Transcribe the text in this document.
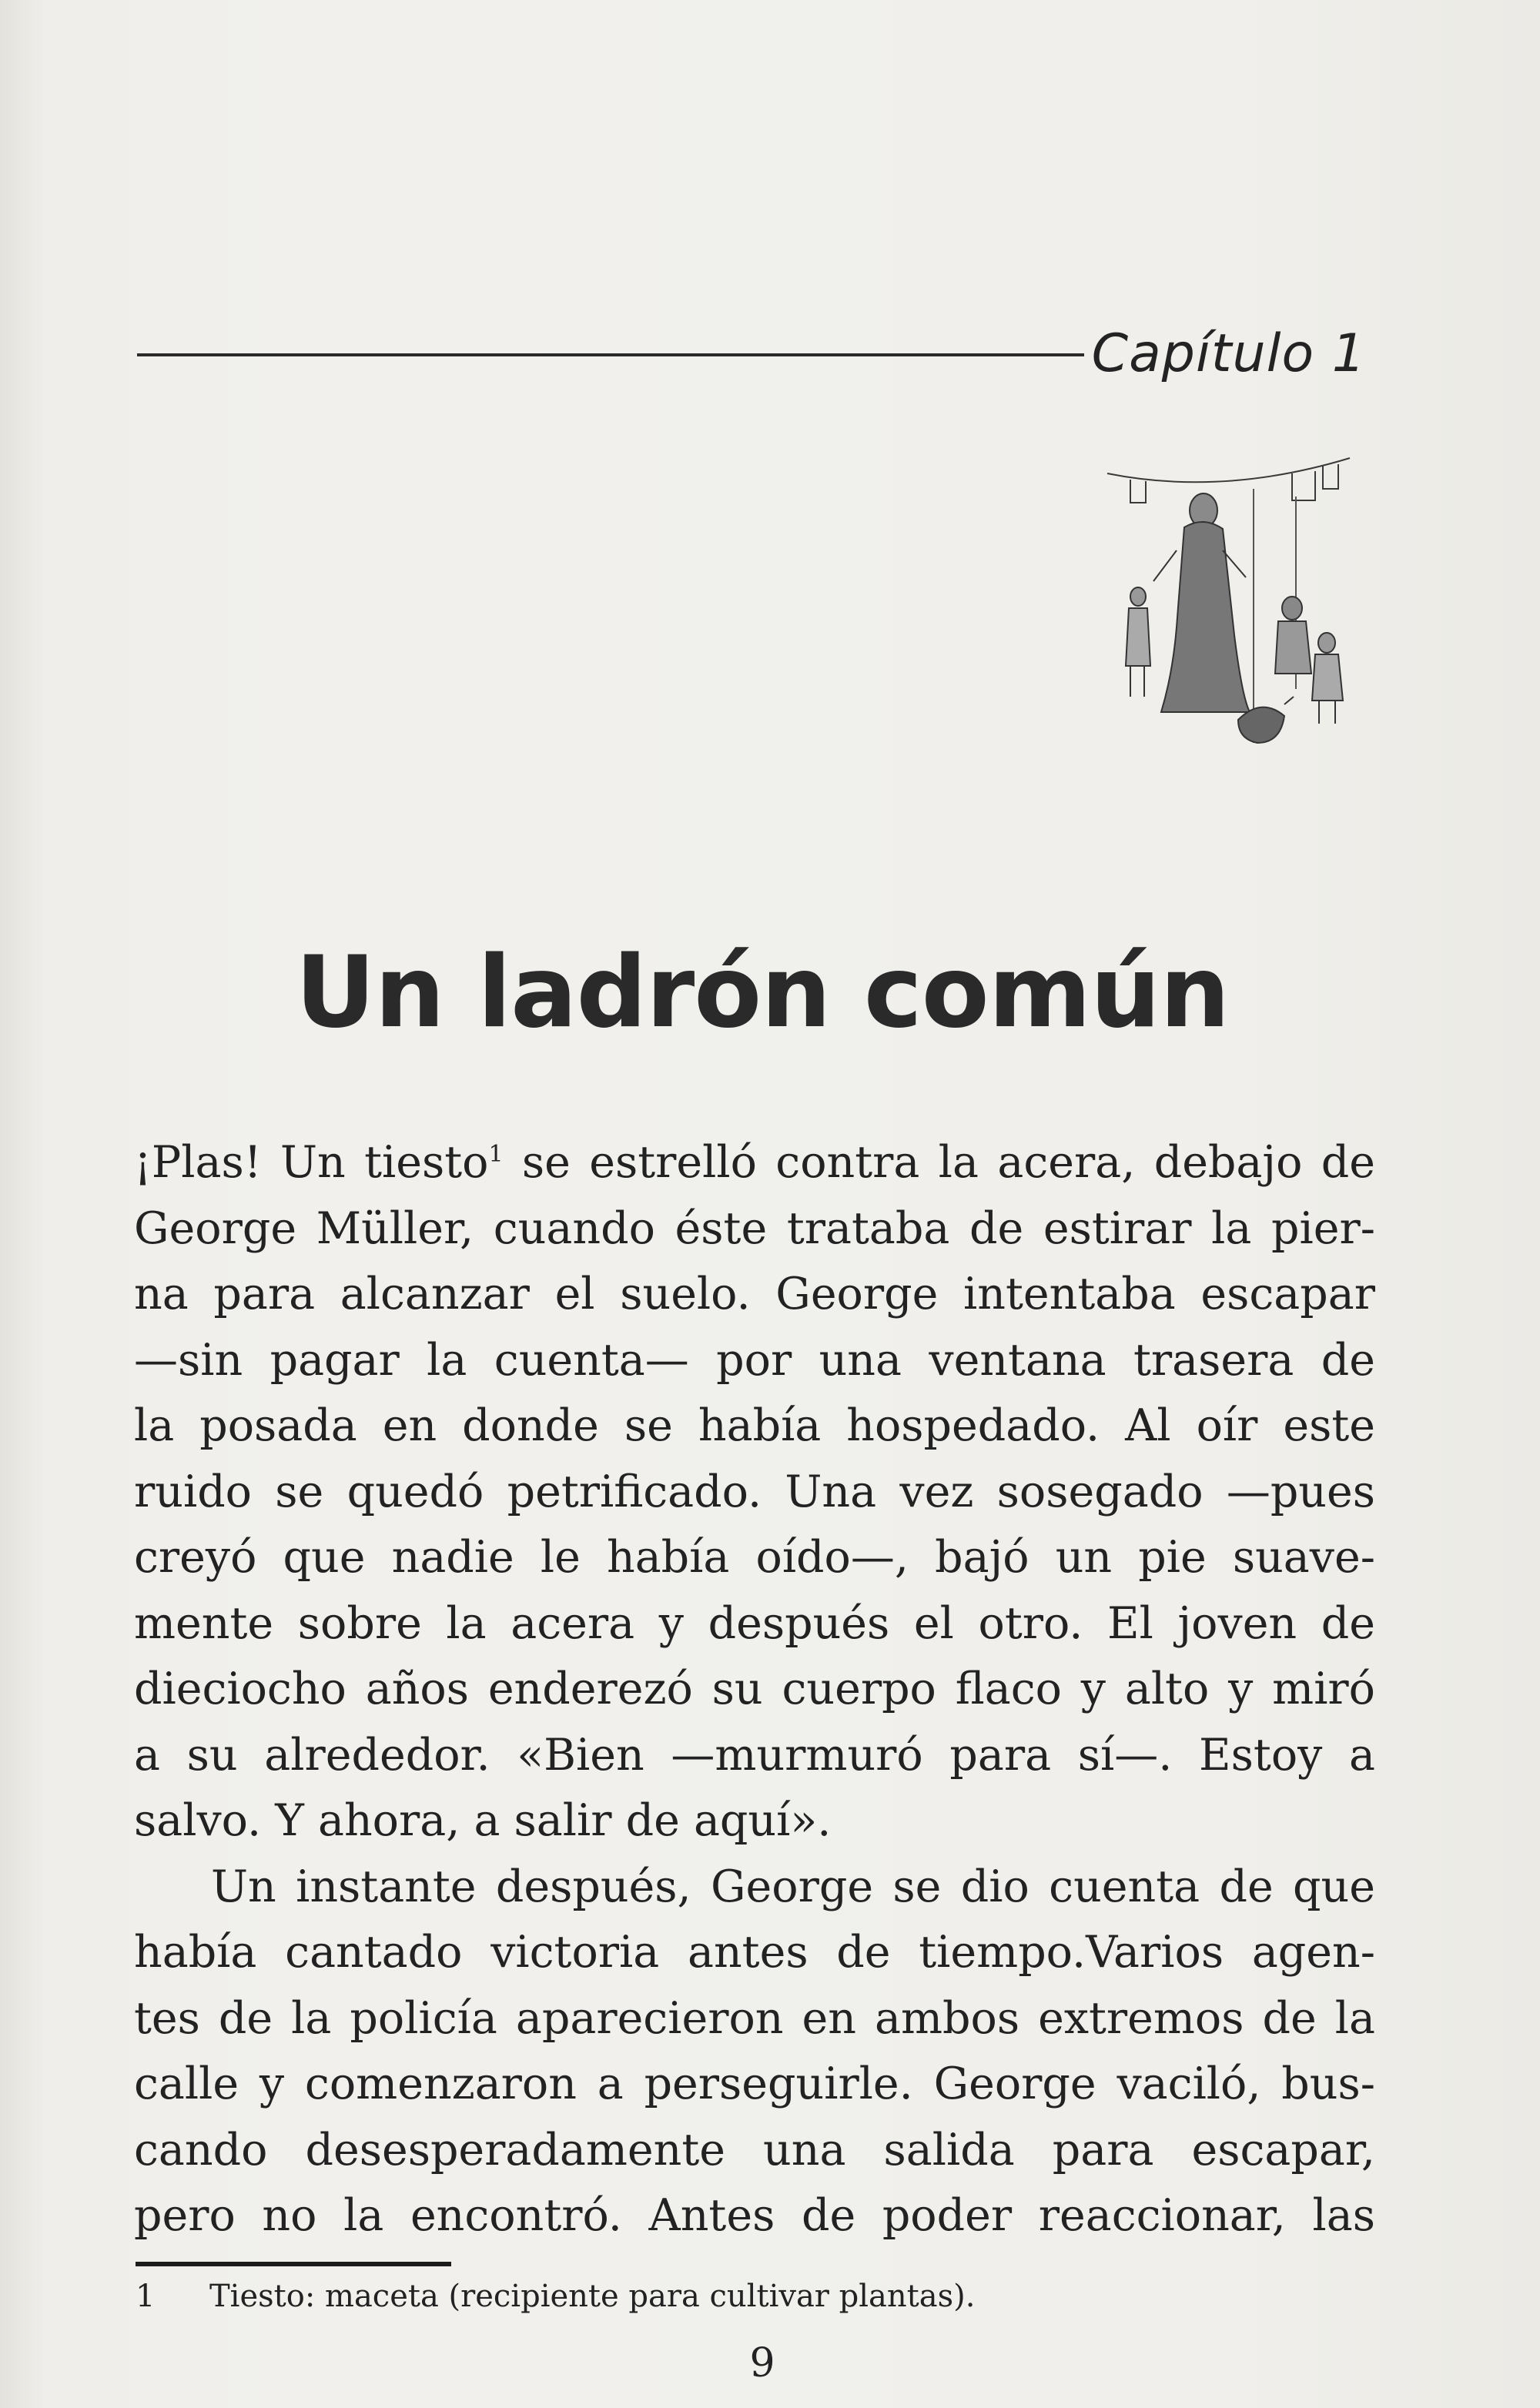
Capítulo 1
Un ladrón común
¡Plas! Un tiesto$^1$ se estrelló contra la acera, debajo de
George Müller, cuando éste trataba de estirar la pier-
na para alcanzar el suelo. George intentaba escapar
—sin pagar la cuenta— por una ventana trasera de
la posada en donde se había hospedado. Al oír este
ruido se quedó petrificado. Una vez sosegado —pues
creyó que nadie le había oído—, bajó un pie suave-
mente sobre la acera y después el otro. El joven de
dieciocho años enderezó su cuerpo flaco y alto y miró
a su alrededor. «Bien —murmuró para sí—. Estoy a
salvo. Y ahora, a salir de aquí».
Un instante después, George se dio cuenta de que
había cantado victoria antes de tiempo.Varios agen-
tes de la policía aparecieron en ambos extremos de la
calle y comenzaron a perseguirle. George vaciló, bus-
cando desesperadamente una salida para escapar,
pero no la encontró. Antes de poder reaccionar, las
1 Tiesto: maceta (recipiente para cultivar plantas).
9
